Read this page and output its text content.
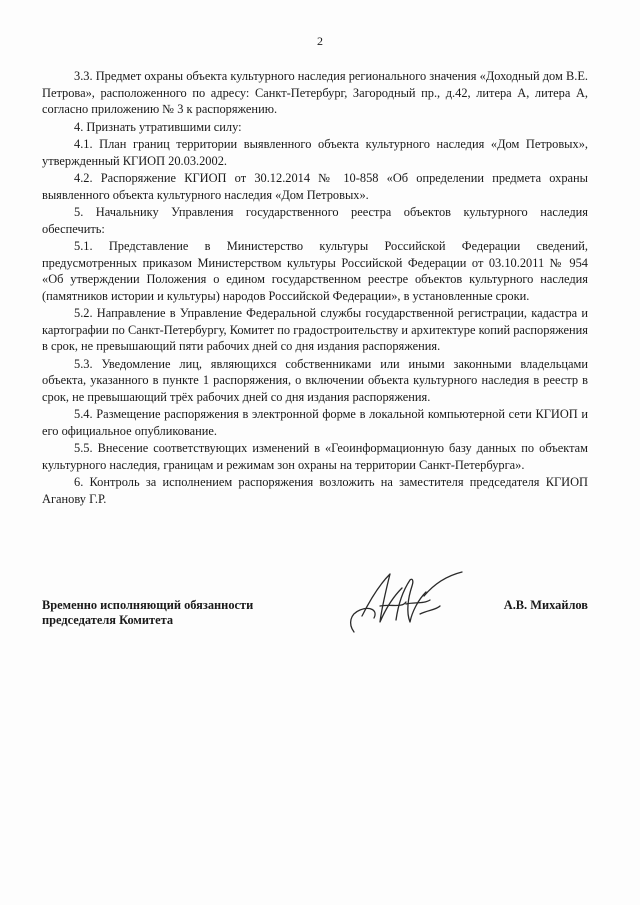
2

3.3. Предмет охраны объекта культурного наследия регионального значения «Доходный дом В.Е. Петрова», расположенного по адресу: Санкт-Петербург, Загородный пр., д.42, литера А, литера А, согласно приложению № 3 к распоряжению.

4. Признать утратившими силу:

4.1. План границ территории выявленного объекта культурного наследия «Дом Петровых», утвержденный КГИОП 20.03.2002.

4.2. Распоряжение КГИОП от 30.12.2014 № 10-858 «Об определении предмета охраны выявленного объекта культурного наследия «Дом Петровых».

5. Начальнику Управления государственного реестра объектов культурного наследия обеспечить:

5.1. Представление в Министерство культуры Российской Федерации сведений, предусмотренных приказом Министерством культуры Российской Федерации от 03.10.2011 № 954 «Об утверждении Положения о едином государственном реестре объектов культурного наследия (памятников истории и культуры) народов Российской Федерации», в установленные сроки.

5.2. Направление в Управление Федеральной службы государственной регистрации, кадастра и картографии по Санкт-Петербургу, Комитет по градостроительству и архитектуре копий распоряжения в срок, не превышающий пяти рабочих дней со дня издания распоряжения.

5.3. Уведомление лиц, являющихся собственниками или иными законными владельцами объекта, указанного в пункте 1 распоряжения, о включении объекта культурного наследия в реестр в срок, не превышающий трёх рабочих дней со дня издания распоряжения.

5.4. Размещение распоряжения в электронной форме в локальной компьютерной сети КГИОП и его официальное опубликование.

5.5. Внесение соответствующих изменений в «Геоинформационную базу данных по объектам культурного наследия, границам и режимам зон охраны на территории Санкт-Петербурга».

6. Контроль за исполнением распоряжения возложить на заместителя председателя КГИОП Аганову Г.Р.

Временно исполняющий обязанности
председателя Комитета
А.В. Михайлов
